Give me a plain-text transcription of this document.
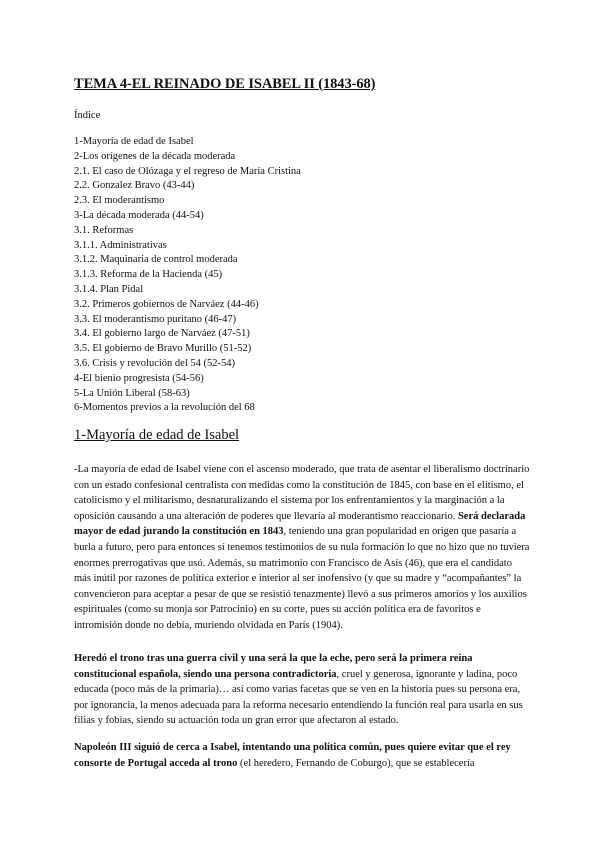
TEMA 4-EL REINADO DE ISABEL II (1843-68)
Índice
1-Mayoría de edad de Isabel
2-Los orígenes de la década moderada
2.1. El caso de Olózaga y el regreso de María Cristina
2.2. Gonzalez Bravo (43-44)
2.3. El moderantismo
3-La década moderada (44-54)
3.1. Reformas
3.1.1. Administrativas
3.1.2. Maquinaria de control moderada
3.1.3. Reforma de la Hacienda (45)
3.1.4. Plan Pidal
3.2. Primeros gobiernos de Narváez (44-46)
3.3. El moderantismo puritano (46-47)
3.4. El gobierno largo de Narváez (47-51)
3.5. El gobierno de Bravo Murillo (51-52)
3.6. Crisis y revolución del 54 (52-54)
4-El bienio progresista (54-56)
5-La Unión Liberal (58-63)
6-Momentos previos a la revolución del 68
1-Mayoría de edad de Isabel

-La mayoría de edad de Isabel viene con el ascenso moderado, que trata de asentar el liberalismo doctrinario con un estado confesional centralista con medidas como la constitución de 1845, con base en el elitismo, el catolicismo y el militarismo, desnaturalizando el sistema por los enfrentamientos y la marginación a la oposición causando a una alteración de poderes que llevaría al moderantismo reaccionario. Será declarada mayor de edad jurando la constitución en 1843, teniendo una gran popularidad en origen que pasaría a burla a futuro, pero para entonces sí tenemos testimonios de su nula formación lo que no hizo que no tuviera enormes prerrogativas que usó. Además, su matrimonio con Francisco de Asís (46), que era el candidato más inútil por razones de política exterior e interior al ser inofensivo (y que su madre y “acompañantes” la convencieron para aceptar a pesar de que se resistió tenazmente) llevó a sus primeros amoríos y los auxilios espirituales (como su monja sor Patrocinio) en su corte, pues su acción política era de favoritos e intromisión donde no debía, muriendo olvidada en París (1904).

Heredó el trono tras una guerra civil y una será la que la eche, pero será la primera reina constitucional española, siendo una persona contradictoria, cruel y generosa, ignorante y ladina, poco educada (poco más de la primaria)… así como varias facetas que se ven en la historia pues su persona era, por ignorancia, la menos adecuada para la reforma necesario entendiendo la función real para usarla en sus filias y fobias, siendo su actuación toda un gran error que afectaron al estado.

Napoleón III siguió de cerca a Isabel, intentando una política común, pues quiere evitar que el rey consorte de Portugal acceda al trono (el heredero, Fernando de Coburgo), que se establecería
